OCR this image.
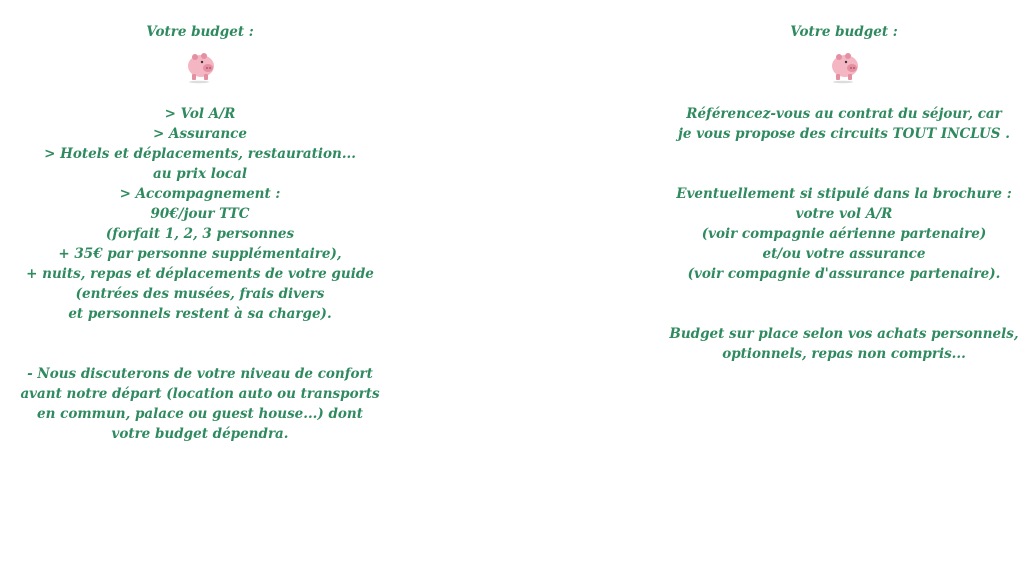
Votre budget :
> Vol A/R
> Assurance
> Hotels et déplacements, restauration...
au prix local
> Accompagnement :
90€/jour TTC
(forfait 1, 2, 3 personnes
+ 35€ par personne supplémentaire),
+ nuits, repas et déplacements de votre guide
(entrées des musées, frais divers
et personnels restent à sa charge).
- Nous discuterons de votre niveau de confort
avant notre départ (location auto ou transports
en commun, palace ou guest house...) dont
votre budget dépendra.
Votre budget :
Référencez-vous au contrat du séjour, car
je vous propose des circuits TOUT INCLUS .
Eventuellement si stipulé dans la brochure :
votre vol A/R
(voir compagnie aérienne partenaire)
et/ou votre assurance
(voir compagnie d'assurance partenaire).
Budget sur place selon vos achats personnels,
optionnels, repas non compris...
